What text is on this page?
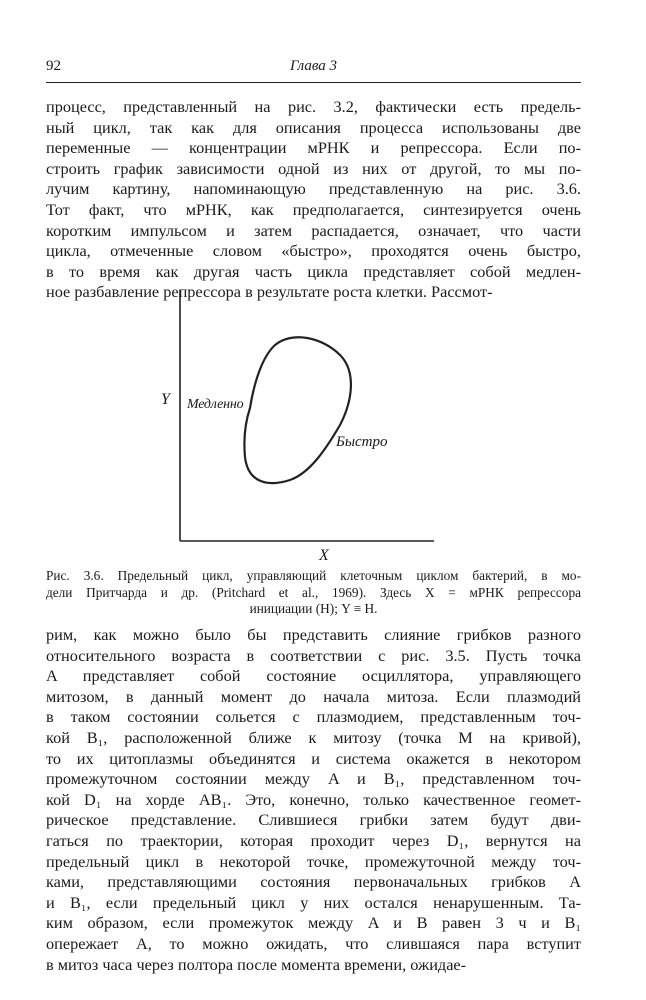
92	Глава 3
процесс, представленный на рис. 3.2, фактически есть предель-
ный цикл, так как для описания процесса использованы две
переменные — концентрации мРНК и репрессора. Если по-
строить график зависимости одной из них от другой, то мы по-
лучим картину, напоминающую представленную на рис. 3.6.
Тот факт, что мРНК, как предполагается, синтезируется очень
коротким импульсом и затем распадается, означает, что части
цикла, отмеченные словом «быстро», проходятся очень быстро,
в то время как другая часть цикла представляет собой медлен-
ное разбавление репрессора в результате роста клетки. Рассмот-
Y Медленно
Быстро
X
Рис. 3.6. Предельный цикл, управляющий клеточным циклом бактерий, в мо-
дели Притчарда и др. (Pritchard et al., 1969). Здесь X = мРНК репрессора
инициации (H); Y ≡ H.
рим, как можно было бы представить слияние грибков разного
относительного возраста в соответствии с рис. 3.5. Пусть точка
A представляет собой состояние осциллятора, управляющего
митозом, в данный момент до начала митоза. Если плазмодий
в таком состоянии сольется с плазмодием, представленным точ-
кой B₁, расположенной ближе к митозу (точка M на кривой),
то их цитоплазмы объединятся и система окажется в некотором
промежуточном состоянии между A и B₁, представленном точ-
кой D₁ на хорде AB₁. Это, конечно, только качественное геомет-
рическое представление. Слившиеся грибки затем будут дви-
гаться по траектории, которая проходит через D₁, вернутся на
предельный цикл в некоторой точке, промежуточной между точ-
ками, представляющими состояния первоначальных грибков A
и B₁, если предельный цикл у них остался ненарушенным. Та-
ким образом, если промежуток между A и B равен 3 ч и B₁
опережает A, то можно ожидать, что слившаяся пара вступит
в митоз часа через полтора после момента времени, ожидае-
